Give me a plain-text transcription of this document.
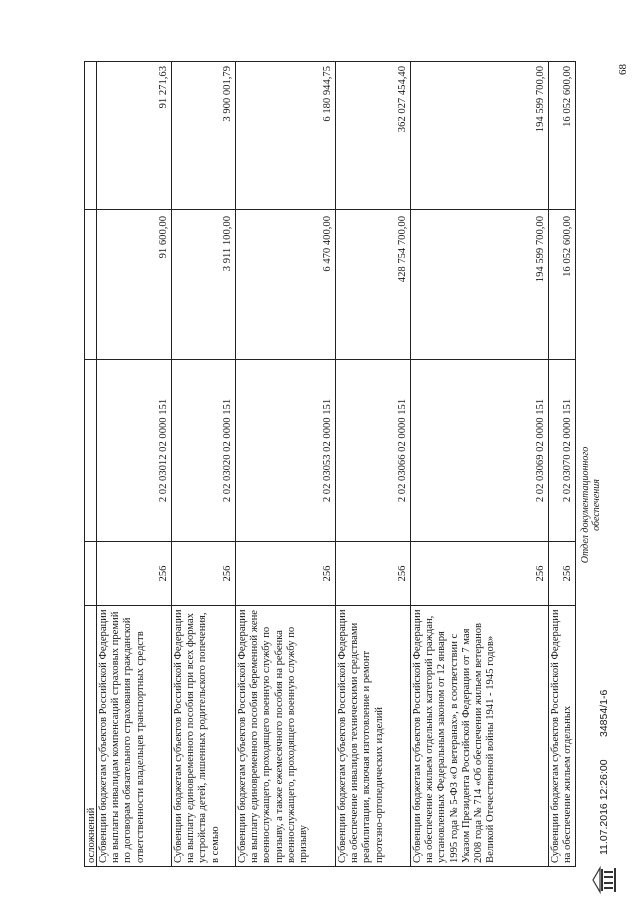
68
осложнений Субвенции бюджетам субъектов Российской Федерации на выплаты инвалидам компенсаций страховых премий по договорам обязательного страхования гражданской ответственности владельцев транспортных средств
256
2 02 03012 02 0000 151
91 600,00
91 271,63
Субвенции бюджетам субъектов Российской Федерации на выплату единовременного пособия при всех формах устройства детей, лишенных родительского попечения, в семью
256
2 02 03020 02 0000 151
3 911 100,00
3 900 001,79
Субвенции бюджетам субъектов Российской Федерации на выплату единовременного пособия беременной жене военнослужащего, проходящего военную службу по призыву, а также ежемесячного пособия на ребенка военнослужащего, проходящего военную службу по призыву
256
2 02 03053 02 0000 151
6 470 400,00
6 180 944,75
Субвенции бюджетам субъектов Российской Федерации на обеспечение инвалидов техническими средствами реабилитации, включая изготовление и ремонт протезно-ортопедических изделий
256
2 02 03066 02 0000 151
428 754 700,00
362 027 454,40
Субвенции бюджетам субъектов Российской Федерации на обеспечение жильем отдельных категорий граждан, установленных Федеральным законом от 12 января 1995 года № 5-ФЗ «О ветеранах», в соответствии с Указом Президента Российской Федерации от 7 мая 2008 года № 714 «Об обеспечении жильем ветеранов Великой Отечественной войны 1941 - 1945 годов»
256
2 02 03069 02 0000 151
194 599 700,00
194 599 700,00
Субвенции бюджетам субъектов Российской Федерации на обеспечение жильем отдельных
256
2 02 03070 02 0000 151
16 052 600,00
16 052 600,00
11.07.2016 12:26:00
34854/1-6
Отдел документационного обеспечения
